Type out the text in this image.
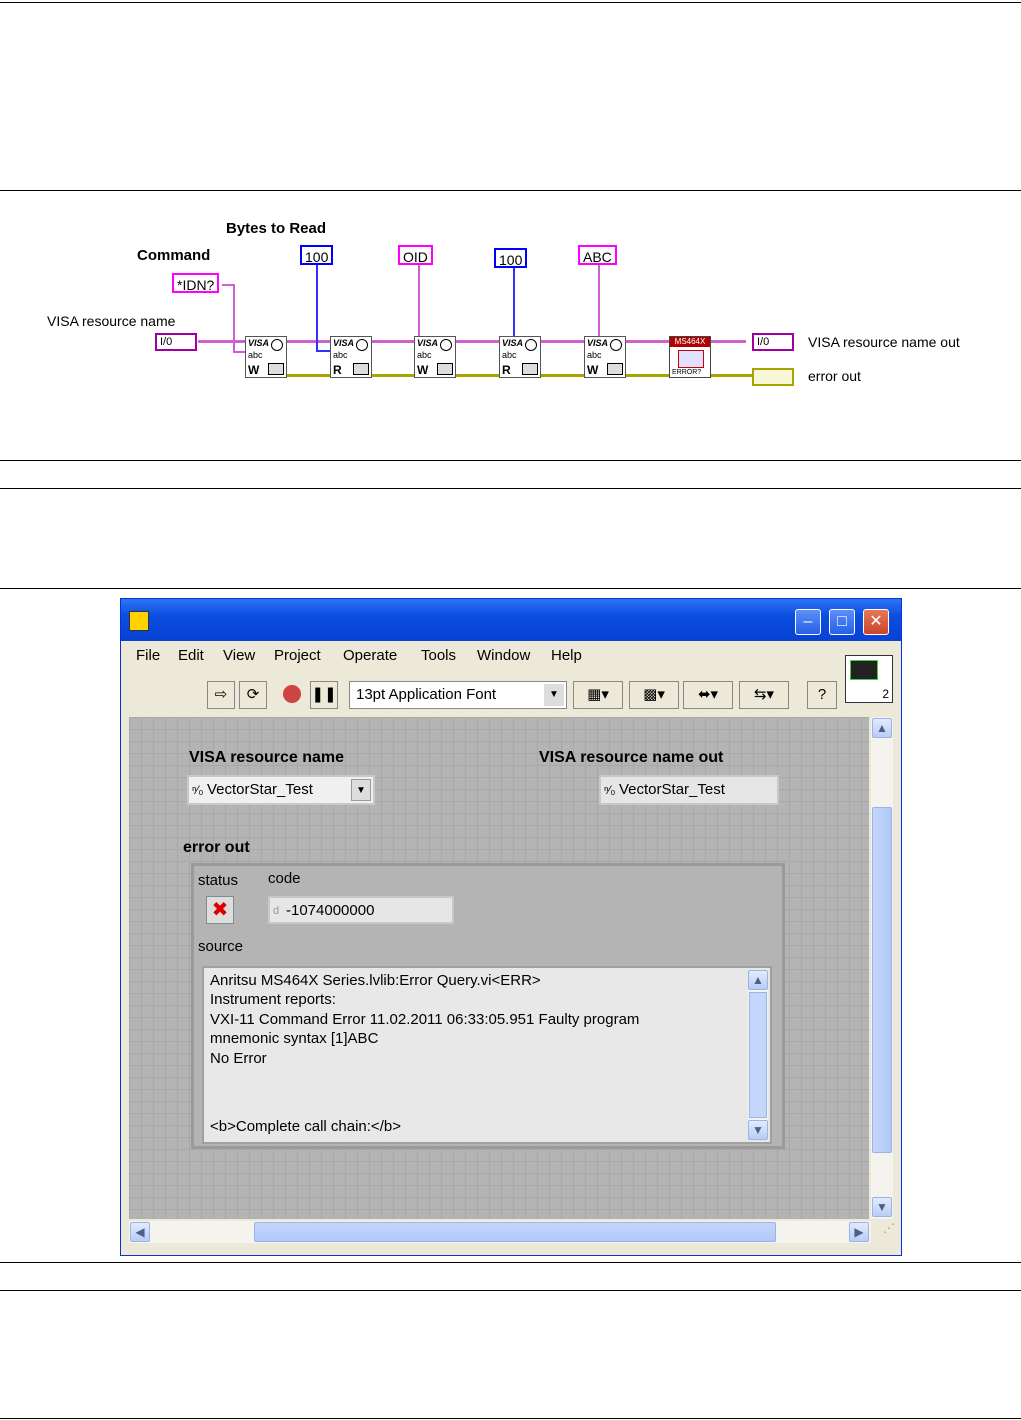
Bytes to Read
Command
VISA resource name
VISA resource name out
error out
*IDN?
100	OID	100	ABC
I/0	VISA
abc
W
VISA
abc
R
VISA
abc
W
VISA
abc
R
VISA
abc
W
MS464X
ERROR?
I/0
–	□	✕
File Edit View Project Operate Tools Window Help
2
⇨	⟳	❚❚	13pt Application Font	▼	▦▾	▩▾	⬌▾	⇆▾	?
VISA resource name
ⁿ⁄₀ VectorStar_Test	▼
VISA resource name out
ⁿ⁄₀ VectorStar_Test
error out
status code
✖	d -1074000000
source
Anritsu MS464X Series.lvlib:Error Query.vi<ERR>
Instrument reports:
VXI-11 Command Error 11.02.2011 06:33:05.951 Faulty program
mnemonic syntax [1]ABC
No Error
<b>Complete call chain:</b>
▲
▼
▲
▼
◀	▶	⋰
